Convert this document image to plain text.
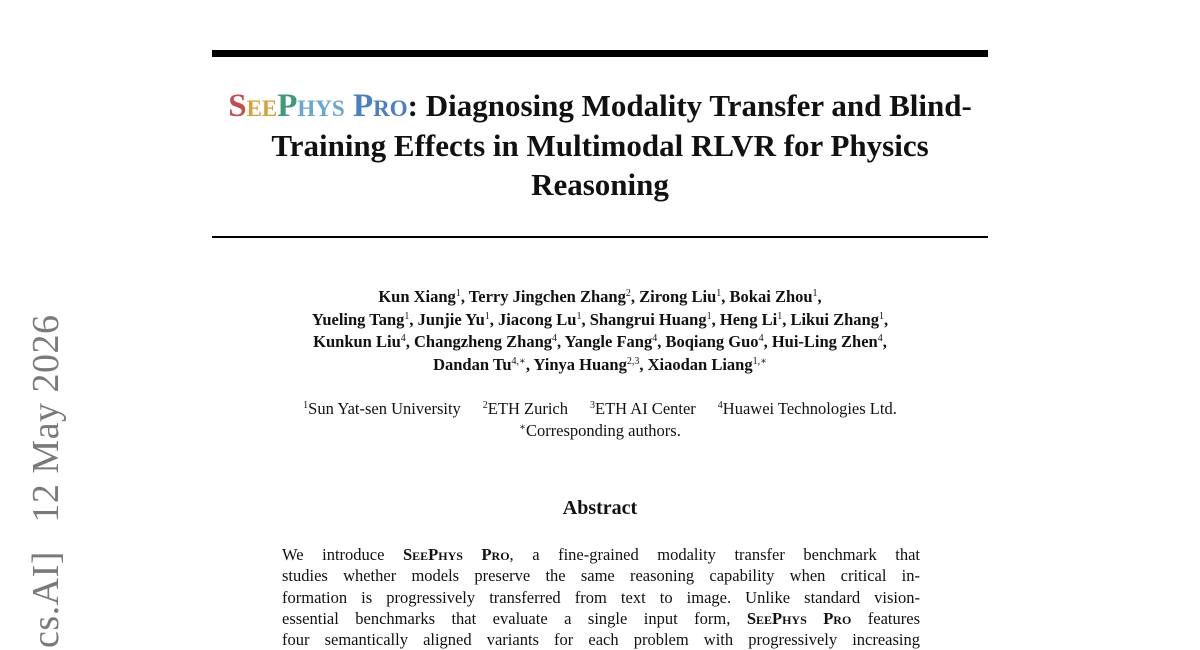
cs.AI]   12 May 2026
SeePhys Pro: Diagnosing Modality Transfer and Blind-Training Effects in Multimodal RLVR for Physics Reasoning
Kun Xiang$^1$, Terry Jingchen Zhang$^2$, Zirong Liu$^1$, Bokai Zhou$^1$,
Yueling Tang$^1$, Junjie Yu$^1$, Jiacong Lu$^1$, Shangrui Huang$^1$, Heng Li$^1$, Likui Zhang$^1$,
Kunkun Liu$^4$, Changzheng Zhang$^4$, Yangle Fang$^4$, Boqiang Guo$^4$, Hui-Ling Zhen$^4$,
Dandan $Tu^{4,∗}$, Yinya Huang$^{2,3}$, Xiaodan Liang$^{1,∗}$
$^1$Sun Yat-sen University $^2$ETH Zurich $^3$ETH AI Center $^4$Huawei Technologies Ltd.
∗Corresponding authors.
Abstract
We introduce SeePhys Pro, a fine-grained modality transfer benchmark that
studies whether models preserve the same reasoning capability when critical in-
formation is progressively transferred from text to image. Unlike standard vision-
essential benchmarks that evaluate a single input form, SeePhys Pro features
four semantically aligned variants for each problem with progressively increasing
